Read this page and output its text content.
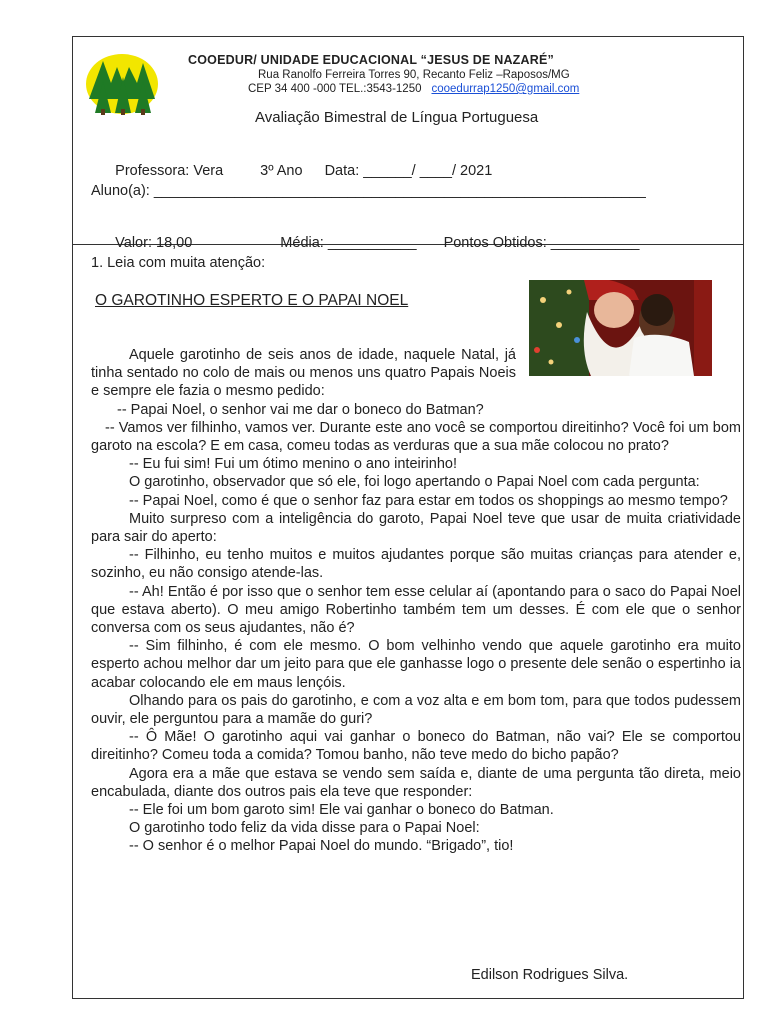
COOEDUR/ UNIDADE EDUCACIONAL “JESUS DE NAZARÉ”
Rua Ranolfo Ferreira Torres 90, Recanto Feliz –Raposos/MG
CEP 34 400 -000 TEL.:3543-1250 cooedurrap1250@gmail.com
Avaliação Bimestral de Língua Portuguesa

Professora: Vera	3º Ano Data: ______/ ____/ 2021

Aluno(a): _____________________________________________________________

Valor: 18,00	Média: ___________ Pontos Obtidos: ___________

1. Leia com muita atenção:
O GAROTINHO ESPERTO E O PAPAI NOEL

Aquele garotinho de seis anos de idade, naquele Natal, já tinha sentado no colo de mais ou menos uns quatro Papais Noeis e sempre ele fazia o mesmo pedido:

-- Papai Noel, o senhor vai me dar o boneco do Batman?

-- Vamos ver filhinho, vamos ver. Durante este ano você se comportou direitinho? Você foi um bom garoto na escola? E em casa, comeu todas as verduras que a sua mãe colocou no prato?

-- Eu fui sim! Fui um ótimo menino o ano inteirinho!

O garotinho, observador que só ele, foi logo apertando o Papai Noel com cada pergunta:

-- Papai Noel, como é que o senhor faz para estar em todos os shoppings ao mesmo tempo?

Muito surpreso com a inteligência do garoto, Papai Noel teve que usar de muita criatividade para sair do aperto:

-- Filhinho, eu tenho muitos e muitos ajudantes porque são muitas crianças para atender e, sozinho, eu não consigo atende-las.

-- Ah! Então é por isso que o senhor tem esse celular aí (apontando para o saco do Papai Noel que estava aberto). O meu amigo Robertinho também tem um desses. É com ele que o senhor conversa com os seus ajudantes, não é?

-- Sim filhinho, é com ele mesmo. O bom velhinho vendo que aquele garotinho era muito esperto achou melhor dar um jeito para que ele ganhasse logo o presente dele senão o espertinho ia acabar colocando ele em maus lençóis.

Olhando para os pais do garotinho, e com a voz alta e em bom tom, para que todos pudessem ouvir, ele perguntou para a mamãe do guri?

-- Ô Mãe! O garotinho aqui vai ganhar o boneco do Batman, não vai? Ele se comportou direitinho? Comeu toda a comida? Tomou banho, não teve medo do bicho papão?

Agora era a mãe que estava se vendo sem saída e, diante de uma pergunta tão direta, meio encabulada, diante dos outros pais ela teve que responder:

-- Ele foi um bom garoto sim! Ele vai ganhar o boneco do Batman.

O garotinho todo feliz da vida disse para o Papai Noel:

-- O senhor é o melhor Papai Noel do mundo. “Brigado”, tio!

Edilson Rodrigues Silva.
